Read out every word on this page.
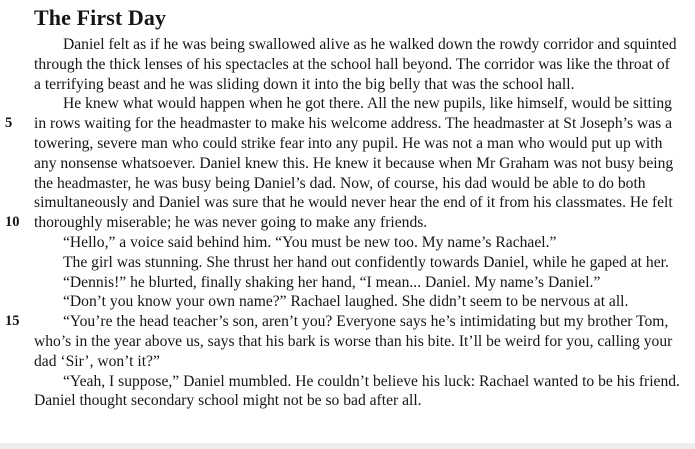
The First Day
Daniel felt as if he was being swallowed alive as he walked down the rowdy corridor and squinted
through the thick lenses of his spectacles at the school hall beyond. The corridor was like the throat of
a terrifying beast and he was sliding down it into the big belly that was the school hall.
He knew what would happen when he got there. All the new pupils, like himself, would be sitting
5	in rows waiting for the headmaster to make his welcome address. The headmaster at St Joseph’s was a
towering, severe man who could strike fear into any pupil. He was not a man who would put up with
any nonsense whatsoever. Daniel knew this. He knew it because when Mr Graham was not busy being
the headmaster, he was busy being Daniel’s dad. Now, of course, his dad would be able to do both
simultaneously and Daniel was sure that he would never hear the end of it from his classmates. He felt
10 thoroughly miserable; he was never going to make any friends.
“Hello,” a voice said behind him. “You must be new too. My name’s Rachael.”
The girl was stunning. She thrust her hand out confidently towards Daniel, while he gaped at her.
“Dennis!” he blurted, finally shaking her hand, “I mean... Daniel. My name’s Daniel.”
“Don’t you know your own name?” Rachael laughed. She didn’t seem to be nervous at all.
15	“You’re the head teacher’s son, aren’t you? Everyone says he’s intimidating but my brother Tom,
who’s in the year above us, says that his bark is worse than his bite. It’ll be weird for you, calling your
dad ‘Sir’, won’t it?”
“Yeah, I suppose,” Daniel mumbled. He couldn’t believe his luck: Rachael wanted to be his friend.
Daniel thought secondary school might not be so bad after all.
